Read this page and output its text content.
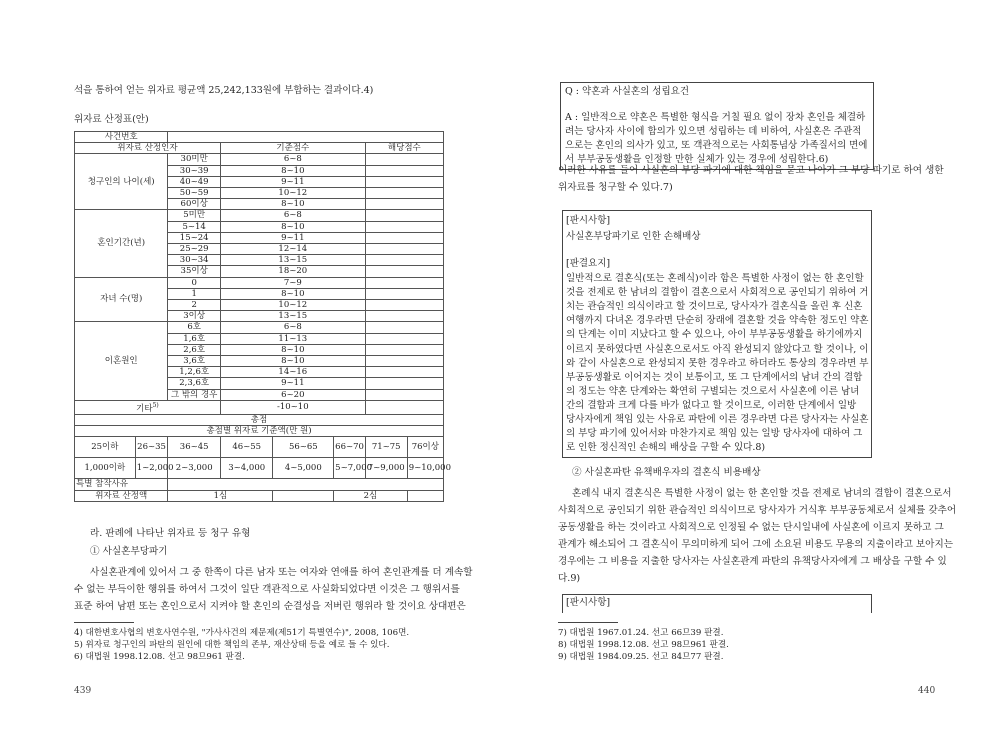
석을 통하여 얻는 위자료 평균액 25,242,133원에 부합하는 결과이다.4)
위자료 산정표(안)
사건번호							
위자료 산정인자			기준점수			해당점수	
청구인의 나이(세)		30미만	6~8				
		30~39	8~10				
		40~49	9~11				
		50~59	10~12				
		60이상	8~10				
혼인기간(년)		5미만	6~8				
		5~14	8~10				
		15~24	9~11				
		25~29	12~14				
		30~34	13~15				
		35이상	18~20				
자녀 수(명)		0	7~9				
		1	8~10				
		2	10~12				
		3이상	13~15				
이혼원인		6호	6~8				
		1,6호	11~13				
		2,6호	8~10				
		3,6호	8~10				
		1,2,6호	14~16				
		2,3,6호	9~11				
		그 밖의 경우	6~20				
기타$^{5)}$			-10~10				
총점							
총점별 위자료 기준액(만 원)							
25이하	26~35	36~45	46~55	56~65	66~70	71~75	76이상
1,000이하	1~2,000	2~3,000	3~4,000	4~5,000	5~7,000	7~9,000	9~10,000
특별 참작사유							
위자료 산정액		1심			2심		
라. 판례에 나타난 위자료 등 청구 유형
① 사실혼부당파기
사실혼관계에 있어서 그 중 한쪽이 다른 남자 또는 여자와 연애를 하여 혼인관계를 더 계속할
수 없는 부득이한 행위를 하여서 그것이 일단 객관적으로 사실화되었다면 이것은 그 행위서를
표준 하여 남편 또는 혼인으로서 지켜야 할 혼인의 순결성을 저버린 행위라 할 것이요 상대편은
4) 대한변호사협의 변호사연수원, "가사사건의 제문제(제51기 특별연수)", 2008, 106면.
5) 위자료 청구인의 파탄의 원인에 대한 책임의 존부, 재산상태 등을 예로 들 수 있다.
6) 대법원 1998.12.08. 선고 98므961 판결.
439
Q : 약혼과 사실혼의 성립요건
A : 일반적으로 약혼은 특별한 형식을 거칠 필요 없이 장차 혼인을 체결하
려는 당사자 사이에 합의가 있으면 성립하는 데 비하여, 사실혼은 주관적
으로는 혼인의 의사가 있고, 또 객관적으로는 사회통념상 가족질서의 면에
서 부부공동생활을 인정할 만한 실체가 있는 경우에 성립한다.6)
이러한 사유를 들어 사실혼의 부당 파기에 대한 책임을 묻고 나아가 그 부당 파기로 하여 생한
위자료를 청구할 수 있다.7)
[판시사항]
사실혼부당파기로 인한 손해배상
[판결요지]
일반적으로 결혼식(또는 혼례식)이라 함은 특별한 사정이 없는 한 혼인할
것을 전제로 한 남녀의 결합이 결혼으로서 사회적으로 공인되기 위하여 거
치는 관습적인 의식이라고 할 것이므로, 당사자가 결혼식을 올린 후 신혼
여행까지 다녀온 경우라면 단순히 장래에 결혼할 것을 약속한 정도인 약혼
의 단계는 이미 지났다고 할 수 있으나, 아이 부부공동생활을 하기에까지
이르지 못하였다면 사실혼으로서도 아직 완성되지 않았다고 할 것이나, 이
와 같이 사실혼으로 완성되지 못한 경우라고 하더라도 통상의 경우라면 부
부공동생활로 이어지는 것이 보통이고, 또 그 단계에서의 남녀 간의 결합
의 정도는 약혼 단계와는 확연히 구별되는 것으로서 사실혼에 이른 남녀
간의 결합과 크게 다를 바가 없다고 할 것이므로, 이러한 단계에서 일방
당사자에게 책임 있는 사유로 파탄에 이른 경우라면 다른 당사자는 사실혼
의 부당 파기에 있어서와 마찬가지로 책임 있는 일방 당사자에 대하여 그
로 인한 정신적인 손해의 배상을 구할 수 있다.8)
② 사실혼파탄 유책배우자의 결혼식 비용배상
혼례식 내지 결혼식은 특별한 사정이 없는 한 혼인할 것을 전제로 남녀의 결합이 결혼으로서
사회적으로 공인되기 위한 관습적인 의식이므로 당사자가 거식후 부부공동체로서 실체를 갖추어
공동생활을 하는 것이라고 사회적으로 인정될 수 없는 단시일내에 사실혼에 이르지 못하고 그
관계가 해소되어 그 결혼식이 무의미하게 되어 그에 소요된 비용도 무용의 지출이라고 보아지는
경우에는 그 비용을 지출한 당사자는 사실혼관계 파탄의 유책당사자에게 그 배상을 구할 수 있
다.9)
[판시사항]
7) 대법원 1967.01.24. 선고 66므39 판결.
8) 대법원 1998.12.08. 선고 98므961 판결.
9) 대법원 1984.09.25. 선고 84므77 판결.
440
